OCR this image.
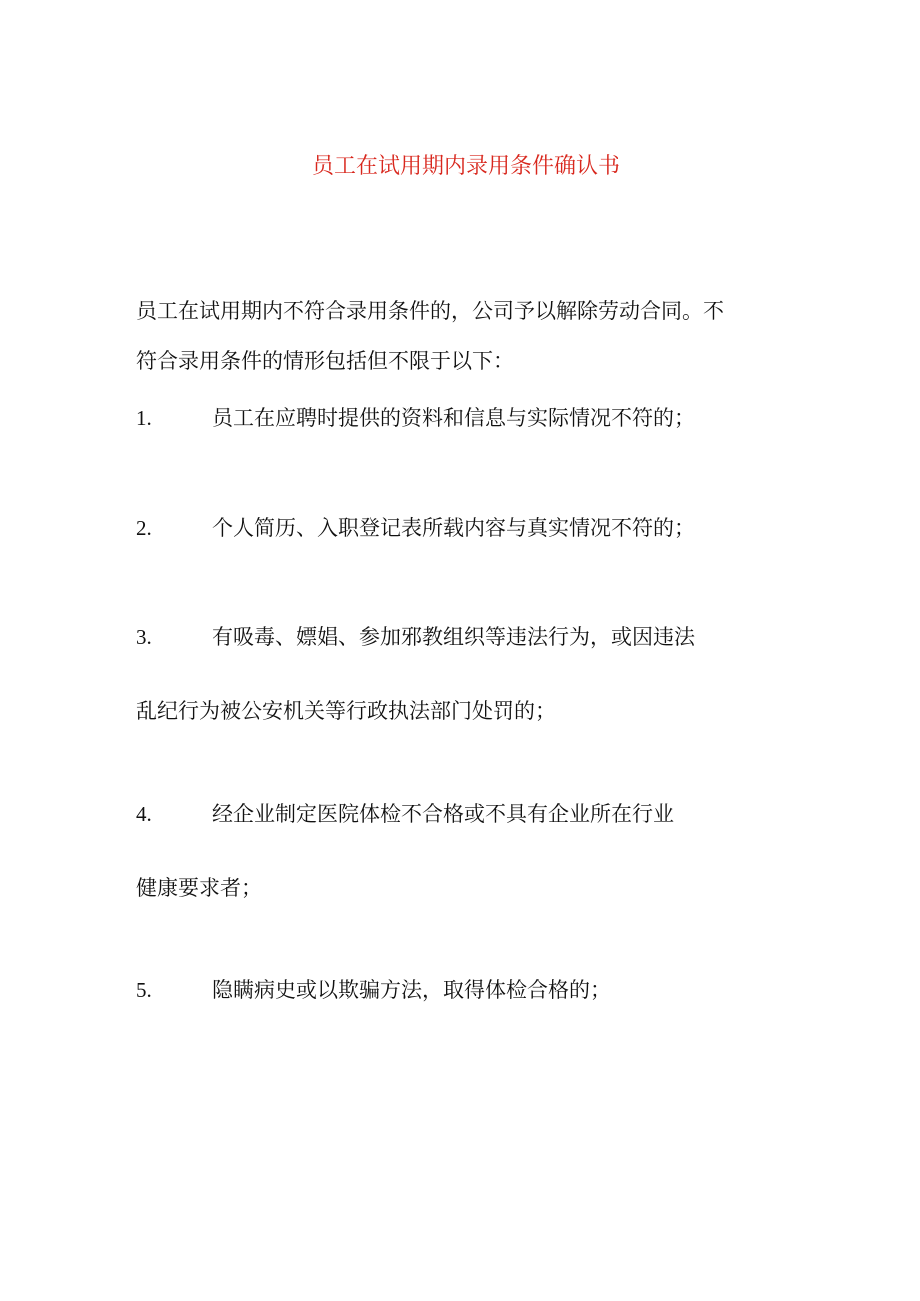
员工在试用期内录用条件确认书
员工在试用期内不符合录用条件的，公司予以解除劳动合同。不
符合录用条件的情形包括但不限于以下：
1.	员工在应聘时提供的资料和信息与实际情况不符的；
2.	个人简历、入职登记表所载内容与真实情况不符的；
3.	有吸毒、嫖娼、参加邪教组织等违法行为，或因违法
乱纪行为被公安机关等行政执法部门处罚的；
4.	经企业制定医院体检不合格或不具有企业所在行业
健康要求者；
5.	隐瞒病史或以欺骗方法，取得体检合格的；
